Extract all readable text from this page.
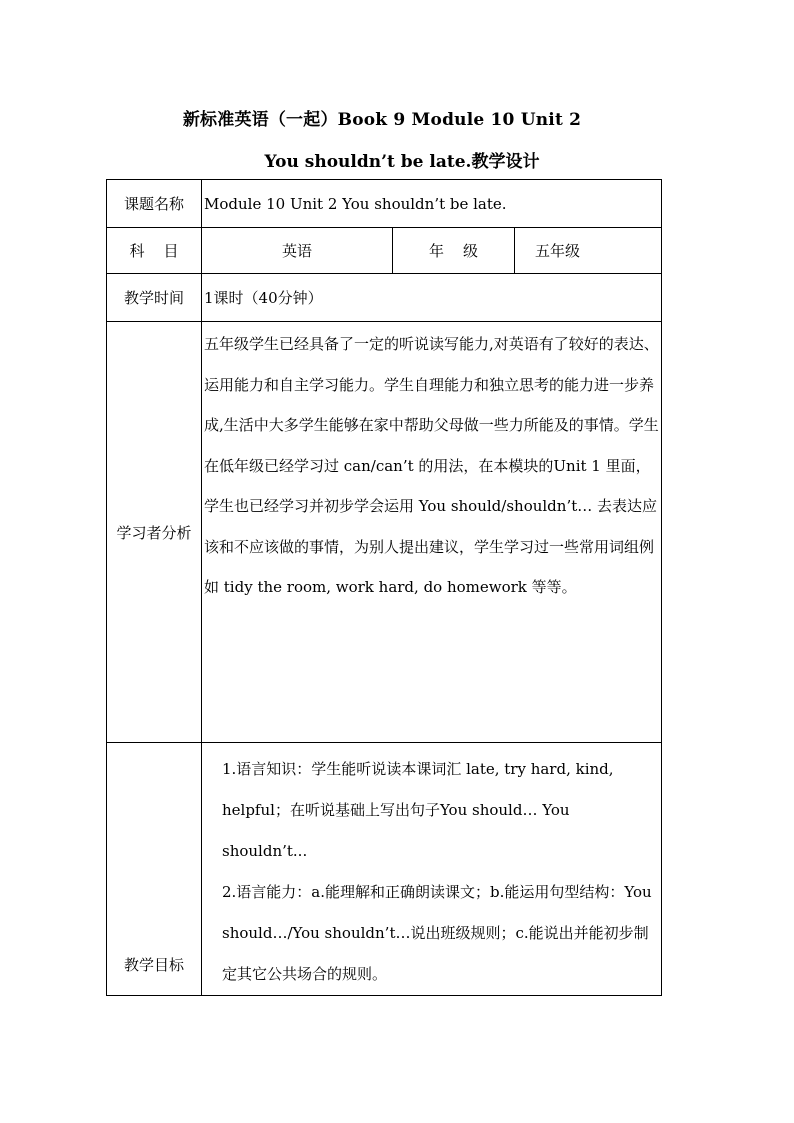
新标准英语（一起）Book 9 Module 10 Unit 2
You shouldn’t be late.教学设计
课题名称	Module 10 Unit 2 You shouldn’t be late.		
科    目	英语	年    级	五年级
教学时间	1课时（40分钟）		
学习者分析	五年级学生已经具备了一定的听说读写能力,对英语有了较好的表达、运用能力和自主学习能力。学生自理能力和独立思考的能力进一步养成,生活中大多学生能够在家中帮助父母做一些力所能及的事情。学生在低年级已经学习过 can/can’t 的用法，在本模块的Unit 1 里面，学生也已经学习并初步学会运用 You should/shouldn’t… 去表达应该和不应该做的事情，为别人提出建议，学生学习过一些常用词组例如 tidy the room, work hard, do homework 等等。		

教学目标	1.语言知识：学生能听说读本课词汇 late, try hard, kind, helpful；在听说基础上写出句子You should… You shouldn’t...

2.语言能力：a.能理解和正确朗读课文；b.能运用句型结构：You should…/You shouldn’t…说出班级规则；c.能说出并能初步制定其它公共场合的规则。		
